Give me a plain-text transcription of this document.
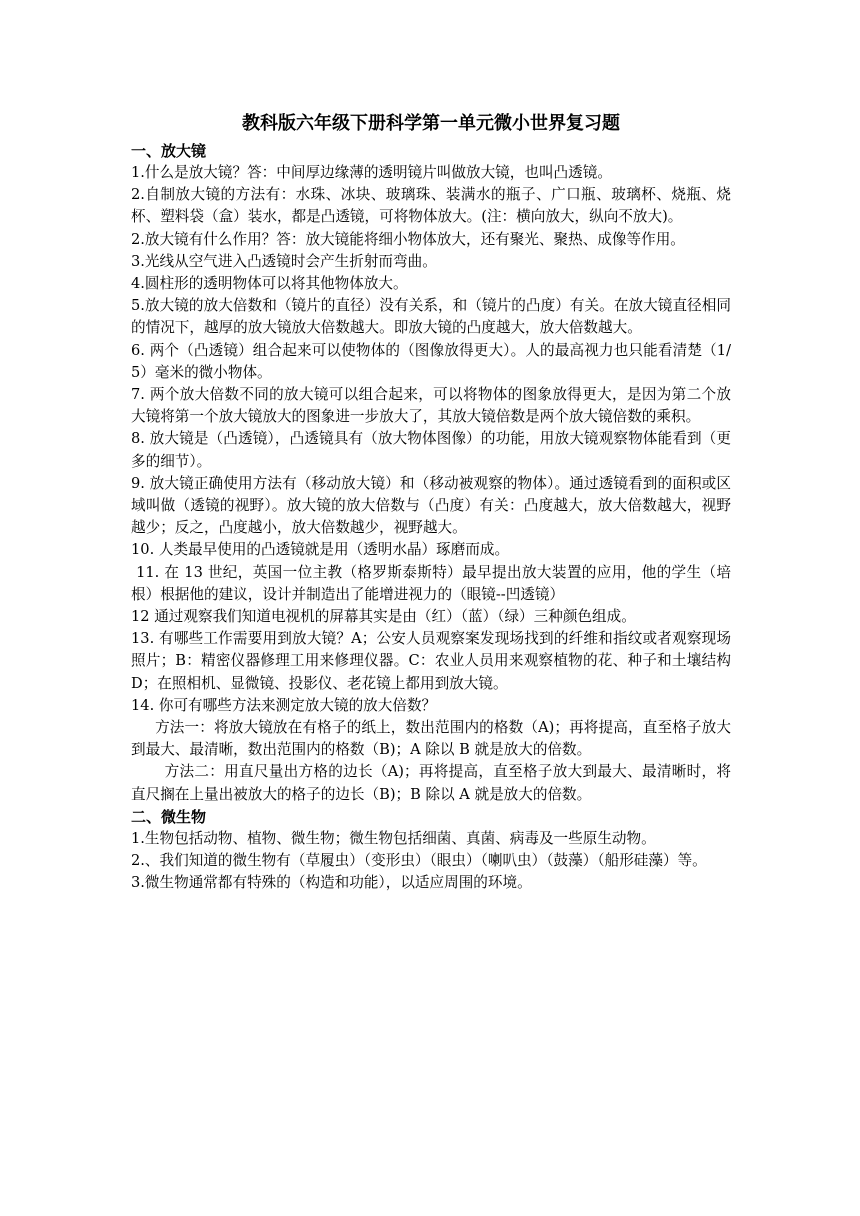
教科版六年级下册科学第一单元微小世界复习题
一、放大镜

1.什么是放大镜？答：中间厚边缘薄的透明镜片叫做放大镜，也叫凸透镜。

2.自制放大镜的方法有：水珠、冰块、玻璃珠、装满水的瓶子、广口瓶、玻璃杯、烧瓶、烧杯、塑料袋（盒）装水，都是凸透镜，可将物体放大。(注：横向放大，纵向不放大)。

2.放大镜有什么作用？答：放大镜能将细小物体放大，还有聚光、聚热、成像等作用。

3.光线从空气进入凸透镜时会产生折射而弯曲。

4.圆柱形的透明物体可以将其他物体放大。

5.放大镜的放大倍数和（镜片的直径）没有关系，和（镜片的凸度）有关。在放大镜直径相同的情况下，越厚的放大镜放大倍数越大。即放大镜的凸度越大，放大倍数越大。

6. 两个（凸透镜）组合起来可以使物体的（图像放得更大）。人的最高视力也只能看清楚（1/5）毫米的微小物体。

7. 两个放大倍数不同的放大镜可以组合起来，可以将物体的图象放得更大，是因为第二个放大镜将第一个放大镜放大的图象进一步放大了，其放大镜倍数是两个放大镜倍数的乘积。

8. 放大镜是（凸透镜），凸透镜具有（放大物体图像）的功能，用放大镜观察物体能看到（更多的细节）。

9. 放大镜正确使用方法有（移动放大镜）和（移动被观察的物体）。通过透镜看到的面积或区域叫做（透镜的视野）。放大镜的放大倍数与（凸度）有关：凸度越大，放大倍数越大，视野越少；反之，凸度越小，放大倍数越少，视野越大。

10. 人类最早使用的凸透镜就是用（透明水晶）琢磨而成。

11. 在 13 世纪，英国一位主教（格罗斯泰斯特）最早提出放大装置的应用，他的学生（培根）根据他的建议，设计并制造出了能增进视力的（眼镜--凹透镜）

12 通过观察我们知道电视机的屏幕其实是由（红）（蓝）（绿）三种颜色组成。

13. 有哪些工作需要用到放大镜？A；公安人员观察案发现场找到的纤维和指纹或者观察现场照片；B：精密仪器修理工用来修理仪器。C：农业人员用来观察植物的花、种子和土壤结构 D；在照相机、显微镜、投影仪、老花镜上都用到放大镜。

14. 你可有哪些方法来测定放大镜的放大倍数？

方法一：将放大镜放在有格子的纸上，数出范围内的格数（A)；再将提高，直至格子放大到最大、最清晰，数出范围内的格数（B)；A 除以 B 就是放大的倍数。

方法二：用直尺量出方格的边长（A)；再将提高，直至格子放大到最大、最清晰时，将直尺搁在上量出被放大的格子的边长（B)；B 除以 A 就是放大的倍数。

二、微生物

1.生物包括动物、植物、微生物；微生物包括细菌、真菌、病毒及一些原生动物。

2.、我们知道的微生物有（草履虫）（变形虫）（眼虫）（喇叭虫）（鼓藻）（船形硅藻）等。

3.微生物通常都有特殊的（构造和功能），以适应周围的环境。
